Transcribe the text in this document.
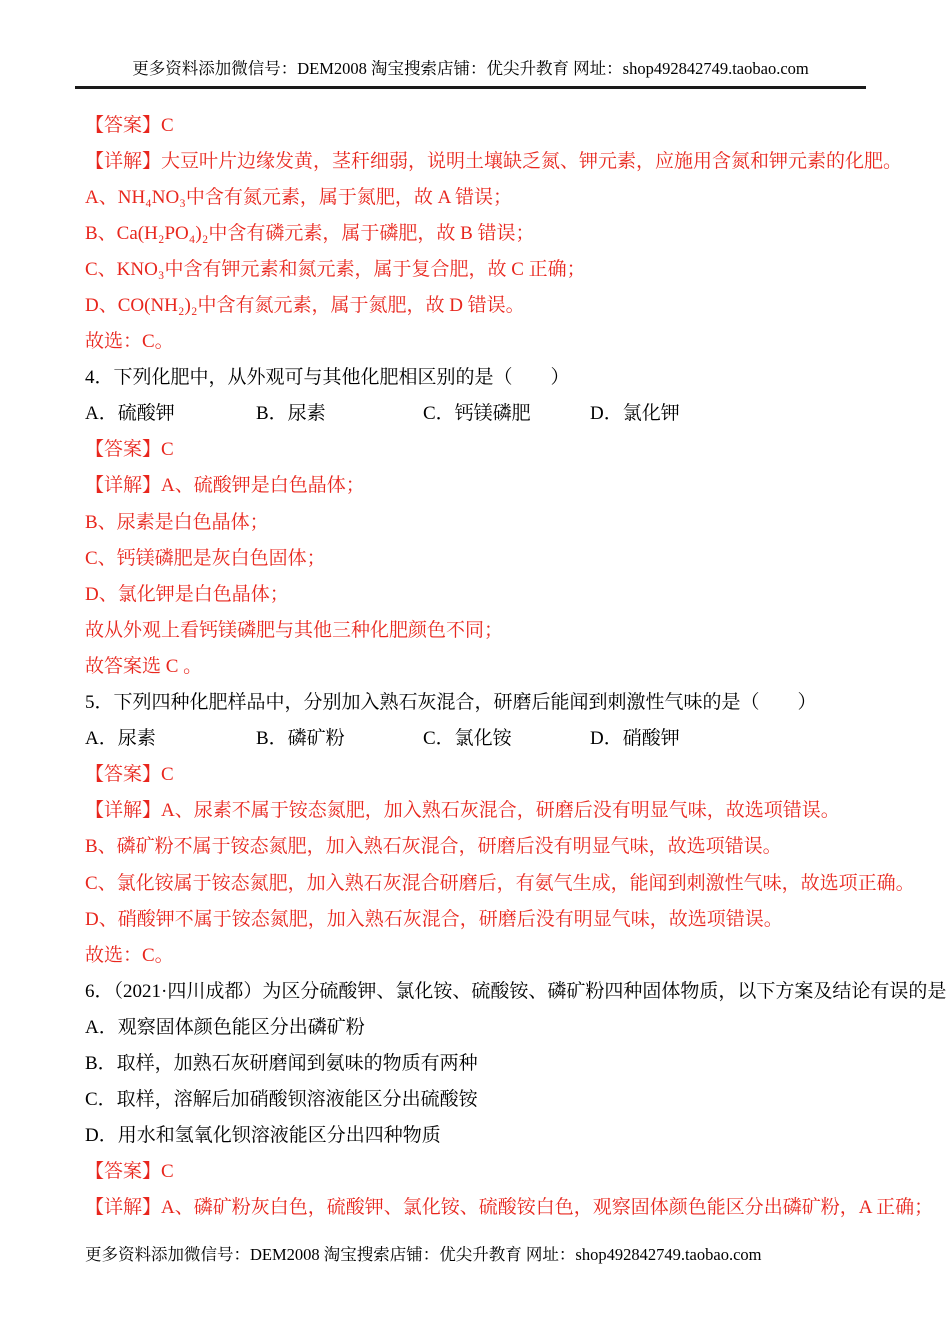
更多资料添加微信号：DEM2008 淘宝搜索店铺：优尖升教育 网址：shop492842749.taobao.com
【答案】C
【详解】大豆叶片边缘发黄，茎秆细弱，说明土壤缺乏氮、钾元素，应施用含氮和钾元素的化肥。
A、NH₄NO₃中含有氮元素，属于氮肥，故 A 错误；
B、Ca(H₂PO₄)₂中含有磷元素，属于磷肥，故 B 错误；
C、KNO₃中含有钾元素和氮元素，属于复合肥，故 C 正确；
D、CO(NH₂)₂中含有氮元素，属于氮肥，故 D 错误。
故选：C。
4．下列化肥中，从外观可与其他化肥相区别的是（　　）
A．硫酸钾	B．尿素	C．钙镁磷肥	D．氯化钾
【答案】C
【详解】A、硫酸钾是白色晶体；
B、尿素是白色晶体；
C、钙镁磷肥是灰白色固体；
D、氯化钾是白色晶体；
故从外观上看钙镁磷肥与其他三种化肥颜色不同；
故答案选 C 。
5．下列四种化肥样品中，分别加入熟石灰混合，研磨后能闻到刺激性气味的是（　　）
A．尿素	B．磷矿粉	C．氯化铵	D．硝酸钾
【答案】C
【详解】A、尿素不属于铵态氮肥，加入熟石灰混合，研磨后没有明显气味，故选项错误。
B、磷矿粉不属于铵态氮肥，加入熟石灰混合，研磨后没有明显气味，故选项错误。
C、氯化铵属于铵态氮肥，加入熟石灰混合研磨后，有氨气生成，能闻到刺激性气味，故选项正确。
D、硝酸钾不属于铵态氮肥，加入熟石灰混合，研磨后没有明显气味，故选项错误。
故选：C。
6．（2021·四川成都）为区分硫酸钾、氯化铵、硫酸铵、磷矿粉四种固体物质，以下方案及结论有误的是
A．观察固体颜色能区分出磷矿粉
B．取样，加熟石灰研磨闻到氨味的物质有两种
C．取样，溶解后加硝酸钡溶液能区分出硫酸铵
D．用水和氢氧化钡溶液能区分出四种物质
【答案】C
【详解】A、磷矿粉灰白色，硫酸钾、氯化铵、硫酸铵白色，观察固体颜色能区分出磷矿粉，A 正确；
更多资料添加微信号：DEM2008 淘宝搜索店铺：优尖升教育 网址：shop492842749.taobao.com
